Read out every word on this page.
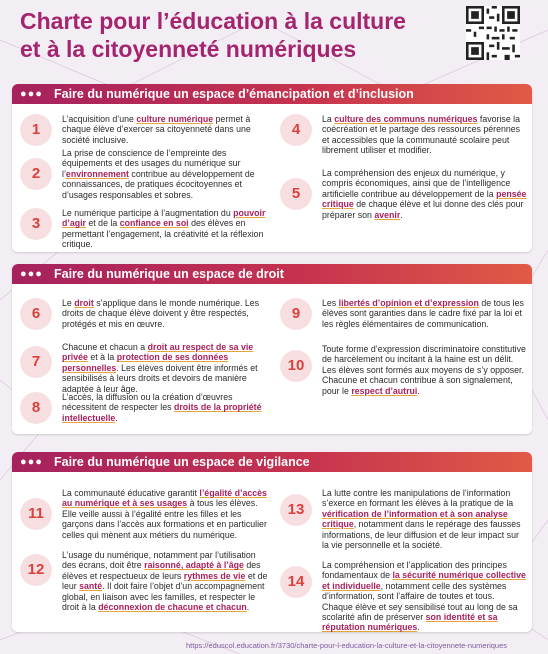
Charte pour l’éducation à la culture
et à la citoyenneté numériques
●●● Faire du numérique un espace d’émancipation et d’inclusion
1
L’acquisition d’une culture numérique permet à chaque élève d’exercer sa citoyenneté dans une société inclusive.
2
La prise de conscience de l’empreinte des équipements et des usages du numérique sur l’environnement contribue au développement de connaissances, de pratiques écocitoyennes et d’usages responsables et sobres.
3
Le numérique participe à l’augmentation du pouvoir d’agir et de la confiance en soi des élèves en permettant l’engagement, la créativité et la réflexion critique.
4
La culture des communs numériques favorise la coécréation et le partage des ressources pérennes et accessibles que la communauté scolaire peut librement utiliser et modifier.
5
La compréhension des enjeux du numérique, y compris économiques, ainsi que de l’intelligence artificielle contribue au développement de la pensée critique de chaque élève et lui donne des clés pour préparer son avenir.
●●● Faire du numérique un espace de droit
6
Le droit s’applique dans le monde numérique. Les droits de chaque élève doivent y être respectés, protégés et mis en œuvre.
7
Chacune et chacun a droit au respect de sa vie privée et à la protection de ses données personnelles. Les élèves doivent être informés et sensibilisés à leurs droits et devoirs de manière adaptée à leur âge.
8
L’accès, la diffusion ou la création d’œuvres nécessitent de respecter les droits de la propriété intellectuelle.
9
Les libertés d’opinion et d’expression de tous les élèves sont garanties dans le cadre fixé par la loi et les règles élémentaires de communication.
10
Toute forme d’expression discriminatoire constitutive de harcèlement ou incitant à la haine est un délit. Les élèves sont formés aux moyens de s’y opposer. Chacune et chacun contribue à son signalement, pour le respect d’autrui.
●●● Faire du numérique un espace de vigilance
11
La communauté éducative garantit l’égalité d’accès au numérique et à ses usages à tous les élèves. Elle veille aussi à l’égalité entre les filles et les garçons dans l’accès aux formations et en particulier celles qui mènent aux métiers du numérique.
12
L’usage du numérique, notamment par l’utilisation des écrans, doit être raisonné, adapté à l’âge des élèves et respectueux de leurs rythmes de vie et de leur santé. Il doit faire l’objet d’un accompagnement global, en liaison avec les familles, et respecter le droit à la déconnexion de chacune et chacun.
13
La lutte contre les manipulations de l’information s’exerce en formant les élèves à la pratique de la vérification de l’information et à son analyse critique, notamment dans le repérage des fausses informations, de leur diffusion et de leur impact sur la vie personnelle et la société.
14
La compréhension et l’application des principes fondamentaux de la sécurité numérique collective et individuelle, notamment celle des systèmes d’information, sont l’affaire de toutes et tous. Chaque élève et sey sensibilisé tout au long de sa scolarité afin de préserver son identité et sa réputation numériques.
https://eduscol.education.fr/3730/charte-pour-l-education-la-culture-et-la-citoyennete-numeriques
